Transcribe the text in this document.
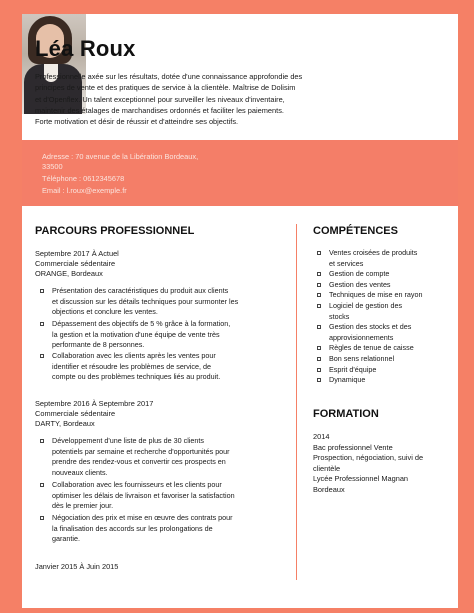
Léa Roux
Professionnelle axée sur les résultats, dotée d'une connaissance approfondie des
principes de vente et des pratiques de service à la clientèle. Maîtrise de Dolisim
et d'Openflex. Un talent exceptionnel pour surveiller les niveaux d'inventaire,
maintenir des étalages de marchandises ordonnés et faciliter les paiements.
Forte motivation et désir de réussir et d'atteindre ses objectifs.
Adresse : 70 avenue de la Libération Bordeaux,
33500
Téléphone : 0612345678
Email : l.roux@exemple.fr
PARCOURS PROFESSIONNEL
Septembre 2017 À Actuel
Commerciale sédentaire
ORANGE, Bordeaux
Présentation des caractéristiques du produit aux clients
et discussion sur les détails techniques pour surmonter les
objections et conclure les ventes.
Dépassement des objectifs de 5 % grâce à la formation,
la gestion et la motivation d'une équipe de vente très
performante de 8 personnes.
Collaboration avec les clients après les ventes pour
identifier et résoudre les problèmes de service, de
compte ou des problèmes techniques liés au produit.
Septembre 2016 À Septembre 2017
Commerciale sédentaire
DARTY, Bordeaux
Développement d'une liste de plus de 30 clients
potentiels par semaine et recherche d'opportunités pour
prendre des rendez-vous et convertir ces prospects en
nouveaux clients.
Collaboration avec les fournisseurs et les clients pour
optimiser les délais de livraison et favoriser la satisfaction
dès le premier jour.
Négociation des prix et mise en œuvre des contrats pour
la finalisation des accords sur les prolongations de
garantie.
Janvier 2015 À Juin 2015
COMPÉTENCES
Ventes croisées de produits
et services
Gestion de compte
Gestion des ventes
Techniques de mise en rayon
Logiciel de gestion des
stocks
Gestion des stocks et des
approvisionnements
Règles de tenue de caisse
Bon sens relationnel
Esprit d'équipe
Dynamique
FORMATION
2014
Bac professionnel Vente
Prospection, négociation, suivi de
clientèle
Lycée Professionnel Magnan
Bordeaux
